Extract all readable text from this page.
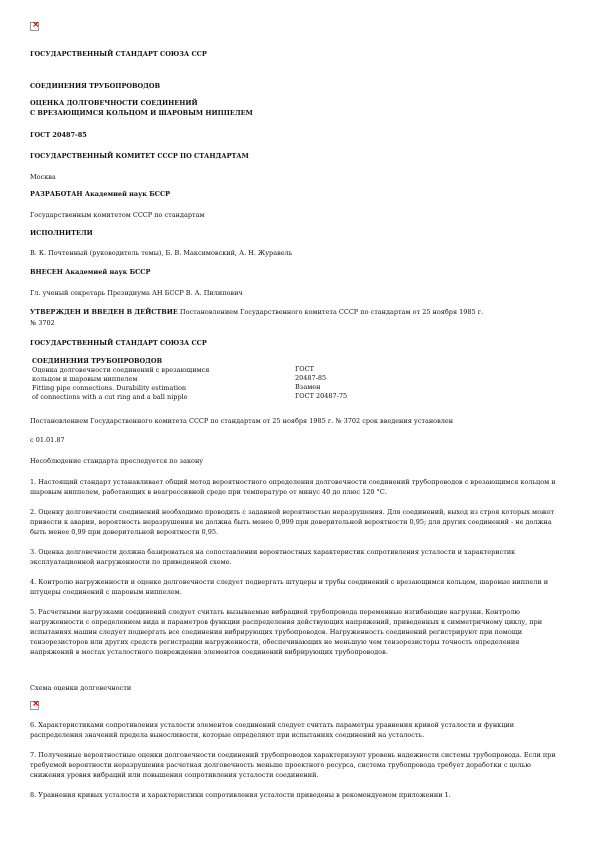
×
ГОСУДАРСТВЕННЫЙ СТАНДАРТ СОЮЗА ССР
СОЕДИНЕНИЯ ТРУБОПРОВОДОВ
ОЦЕНКА ДОЛГОВЕЧНОСТИ СОЕДИНЕНИЙ
С ВРЕЗАЮЩИМСЯ КОЛЬЦОМ И ШАРОВЫМ НИППЕЛЕМ
ГОСТ 20487-85
ГОСУДАРСТВЕННЫЙ КОМИТЕТ СССР ПО СТАНДАРТАМ
Москва
РАЗРАБОТАН Академией наук БССР
Государственным комитетом СССР по стандартам
ИСПОЛНИТЕЛИ
В. К. Почтенный (руководитель темы), Б. В. Максимовский, А. Н. Журавель
ВНЕСЕН Академией наук БССР
Гл. ученый секретарь Президиума АН БССР В. А. Пилипович
УТВЕРЖДЕН И ВВЕДЕН В ДЕЙСТВИЕ Постановлением Государственного комитета СССР по стандартам от 25 ноября 1985 г.
№ 3702
ГОСУДАРСТВЕННЫЙ СТАНДАРТ СОЮЗА ССР
СОЕДИНЕНИЯ ТРУБОПРОВОДОВ
Оценка долговечности соединений с врезающимся
кольцом и шаровым ниппелем
Fitting pipe connections. Durability estimation
of connections with a cut ring and a ball nipple
ГОСТ
20487-85
Взамен
ГОСТ 20487-75
Постановлением Государственного комитета СССР по стандартам от 25 ноября 1985 г. № 3702 срок введения установлен
с 01.01.87
Несоблюдение стандарта преследуется по закону
1. Настоящий стандарт устанавливает общий метод вероятностного определения долговечности соединений трубопроводов с врезающимся кольцом и шаровым ниппелем, работающих в неагрессивной среде при температуре от минус 40 до плюс 120 °С.
2. Оценку долговечности соединений необходимо проводить с заданной вероятностью неразрушения. Для соединений, выход из строя которых может привести к аварии, вероятность неразрушения не должна быть менее 0,999 при доверительной вероятности 0,95; для других соединений - не должна быть менее 0,99 при доверительной вероятности 0,95.
3. Оценка долговечности должна базироваться на сопоставлении вероятностных характеристик сопротивления усталости и характеристик эксплуатационной нагруженности по приведенной схеме.
4. Контролю нагруженности и оценке долговечности следует подвергать штуцеры и трубы соединений с врезающимся кольцом, шаровые ниппели и штуцеры соединений с шаровым ниппелем.
5. Расчетными нагрузками соединений следует считать вызываемые вибрацией трубопровода переменные изгибающие нагрузки. Контролю нагруженности с определением вида и параметров функции распределения действующих напряжений, приведенных к симметричному циклу, при испытаниях машин следует подвергать все соединения вибрирующих трубопроводов. Нагруженность соединений регистрируют при помощи тензорезисторов или других средств регистрации нагруженности, обеспечивающих не меньшую чем тензорезисторы точность определения напряжений в местах усталостного повреждения элементов соединений вибрирующих трубопроводов.
Схема оценки долговечности
×
6. Характеристиками сопротивления усталости элементов соединений следует считать параметры уравнения кривой усталости и функции распределения значений предела выносливости, которые определяют при испытаниях соединений на усталость.
7. Полученные вероятностные оценки долговечности соединений трубопроводов характеризуют уровень надежности системы трубопровода. Если при требуемой вероятности неразрушения расчетная долговечность меньше проектного ресурса, система трубопровода требует доработки с целью снижения уровня вибраций или повышения сопротивления усталости соединений.
8. Уравнения кривых усталости и характеристики сопротивления усталости приведены в рекомендуемом приложении 1.
